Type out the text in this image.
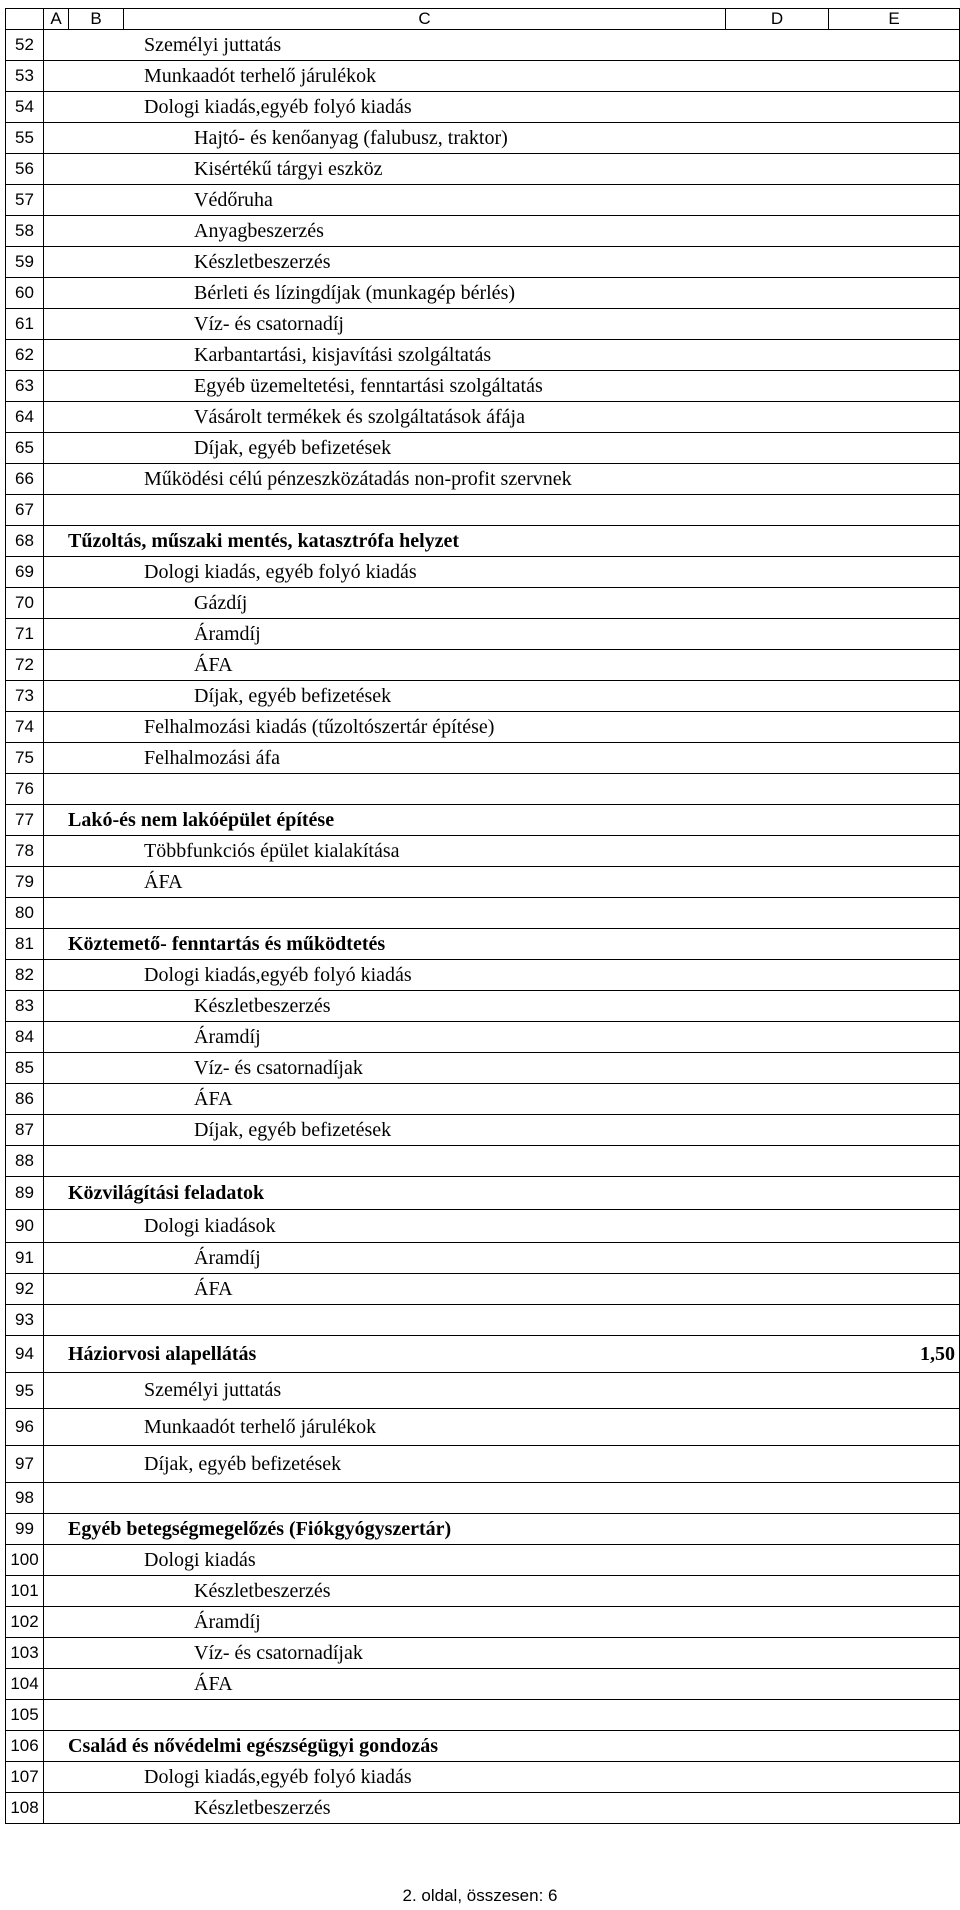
	A	B	C	D	E	
52	Személyi juttatás		
53	Munkaadót terhelő járulékok		
54	Dologi kiadás,egyéb folyó kiadás		
55	Hajtó- és kenőanyag (falubusz, traktor)		
56	Kisértékű tárgyi eszköz		
57	Védőruha		
58	Anyagbeszerzés		
59	Készletbeszerzés		
60	Bérleti és lízingdíjak (munkagép bérlés)		
61	Víz- és csatornadíj		
62	Karbantartási, kisjavítási szolgáltatás		
63	Egyéb üzemeltetési, fenntartási szolgáltatás		
64	Vásárolt termékek és szolgáltatások áfája		
65	Díjak, egyéb befizetések		
66	Működési célú pénzeszközátadás non-profit szervnek		
67						
68	Tűzoltás, műszaki mentés, katasztrófa helyzet		
69	Dologi kiadás, egyéb folyó kiadás		
70	Gázdíj		
71	Áramdíj		
72	ÁFA		
73	Díjak, egyéb befizetések		
74	Felhalmozási kiadás (tűzoltószertár építése)		
75	Felhalmozási áfa		
76						
77	Lakó-és nem lakóépület építése		
78	Többfunkciós épület kialakítása		
79	ÁFA		
80						
81	Köztemető- fenntartás és működtetés		
82	Dologi kiadás,egyéb folyó kiadás		
83	Készletbeszerzés		
84	Áramdíj		
85	Víz- és csatornadíjak		
86	ÁFA		
87	Díjak, egyéb befizetések		
88						
89	Közvilágítási feladatok		
90	Dologi kiadások		
91	Áramdíj		
92	ÁFA		
93						
94	Háziorvosi alapellátás				1,50	
95	Személyi juttatás		
96	Munkaadót terhelő járulékok		
97	Díjak, egyéb befizetések		
98						
99	Egyéb betegségmegelőzés (Fiókgyógyszertár)		
100	Dologi kiadás		
101	Készletbeszerzés		
102	Áramdíj		
103	Víz- és csatornadíjak		
104	ÁFA		
105						
106	Család és nővédelmi egészségügyi gondozás		
107	Dologi kiadás,egyéb folyó kiadás		
108	Készletbeszerzés		
2. oldal, összesen: 6
